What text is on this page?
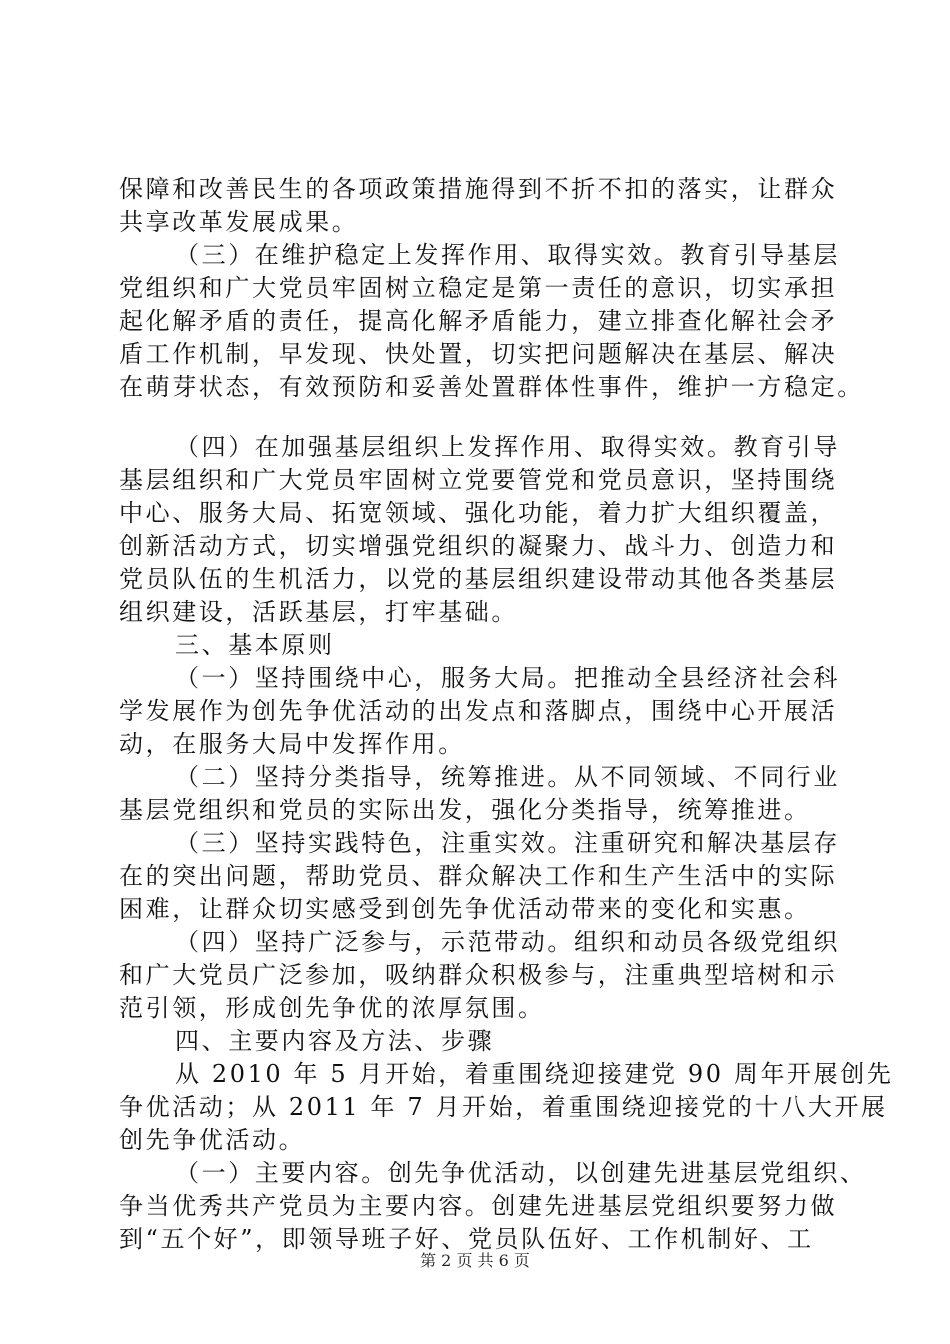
保障和改善民生的各项政策措施得到不折不扣的落实，让群众
共享改革发展成果。
（三）在维护稳定上发挥作用、取得实效。教育引导基层
党组织和广大党员牢固树立稳定是第一责任的意识，切实承担
起化解矛盾的责任，提高化解矛盾能力，建立排查化解社会矛
盾工作机制，早发现、快处置，切实把问题解决在基层、解决
在萌芽状态，有效预防和妥善处置群体性事件，维护一方稳定。
（四）在加强基层组织上发挥作用、取得实效。教育引导
基层组织和广大党员牢固树立党要管党和党员意识，坚持围绕
中心、服务大局、拓宽领域、强化功能，着力扩大组织覆盖，
创新活动方式，切实增强党组织的凝聚力、战斗力、创造力和
党员队伍的生机活力，以党的基层组织建设带动其他各类基层
组织建设，活跃基层，打牢基础。
三、基本原则
（一）坚持围绕中心，服务大局。把推动全县经济社会科
学发展作为创先争优活动的出发点和落脚点，围绕中心开展活
动，在服务大局中发挥作用。
（二）坚持分类指导，统筹推进。从不同领域、不同行业
基层党组织和党员的实际出发，强化分类指导，统筹推进。
（三）坚持实践特色，注重实效。注重研究和解决基层存
在的突出问题，帮助党员、群众解决工作和生产生活中的实际
困难，让群众切实感受到创先争优活动带来的变化和实惠。
（四）坚持广泛参与，示范带动。组织和动员各级党组织
和广大党员广泛参加，吸纳群众积极参与，注重典型培树和示
范引领，形成创先争优的浓厚氛围。
四、主要内容及方法、步骤
从 2010 年 5 月开始，着重围绕迎接建党 90 周年开展创先
争优活动；从 2011 年 7 月开始，着重围绕迎接党的十八大开展
创先争优活动。
（一）主要内容。创先争优活动，以创建先进基层党组织、
争当优秀共产党员为主要内容。创建先进基层党组织要努力做
到“五个好”，即领导班子好、党员队伍好、工作机制好、工
第 2 页 共 6 页
